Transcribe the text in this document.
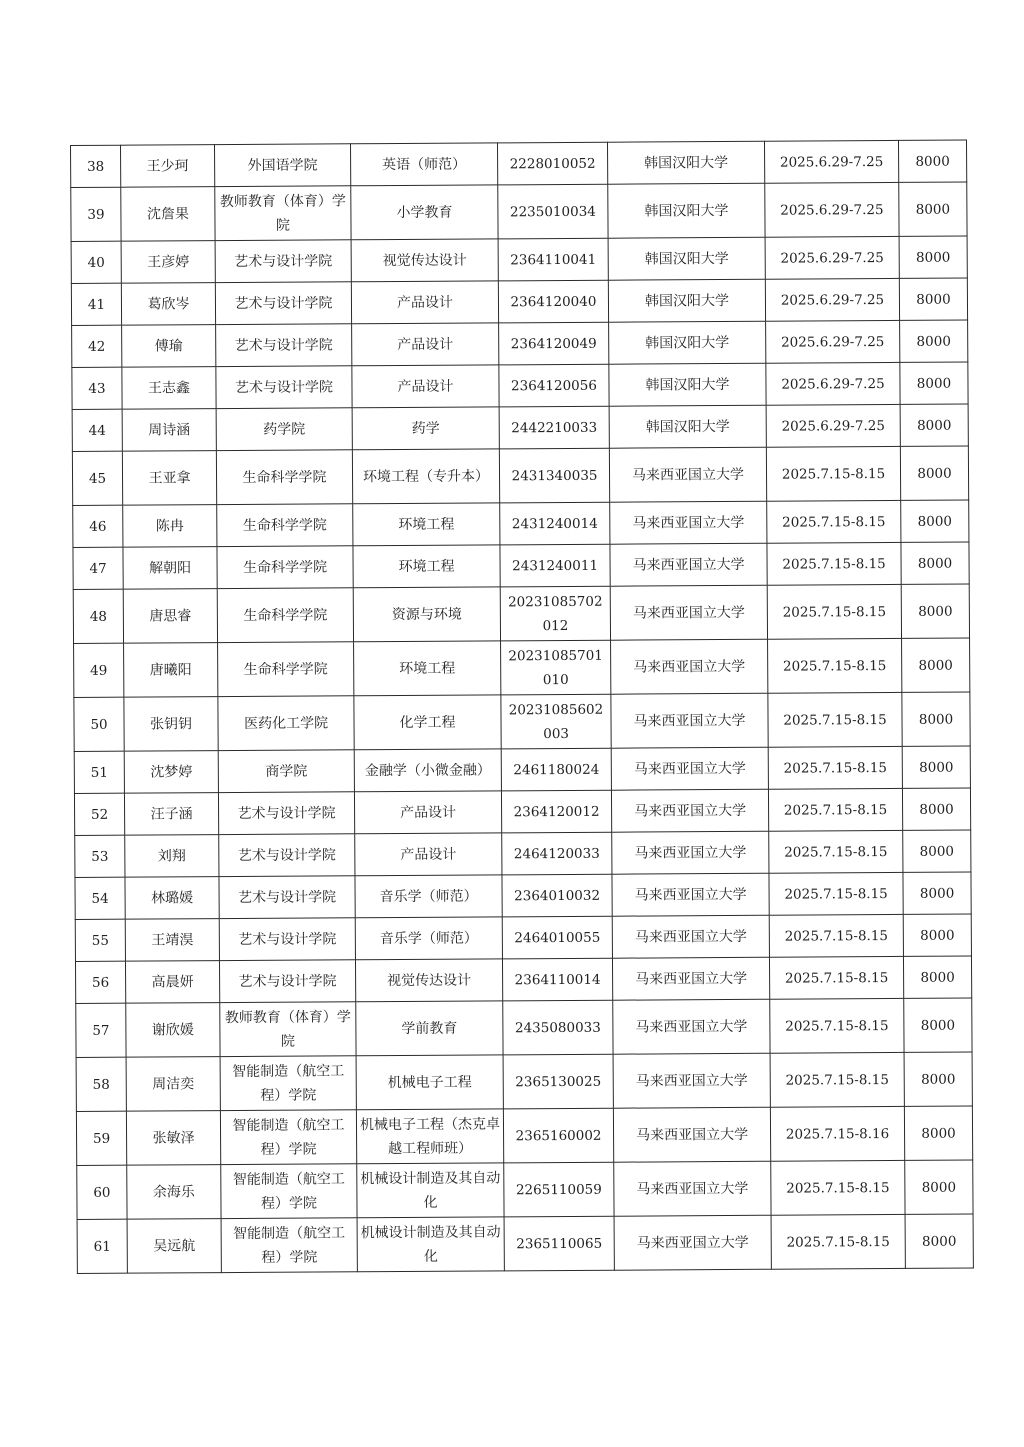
38	王少珂	外国语学院	英语（师范）	2228010052	韩国汉阳大学	2025.6.29-7.25	8000
39	沈詹果	教师教育（体育）学院	小学教育	2235010034	韩国汉阳大学	2025.6.29-7.25	8000
40	王彦婷	艺术与设计学院	视觉传达设计	2364110041	韩国汉阳大学	2025.6.29-7.25	8000
41	葛欣岑	艺术与设计学院	产品设计	2364120040	韩国汉阳大学	2025.6.29-7.25	8000
42	傅瑜	艺术与设计学院	产品设计	2364120049	韩国汉阳大学	2025.6.29-7.25	8000
43	王志鑫	艺术与设计学院	产品设计	2364120056	韩国汉阳大学	2025.6.29-7.25	8000
44	周诗涵	药学院	药学	2442210033	韩国汉阳大学	2025.6.29-7.25	8000
45	王亚拿	生命科学学院	环境工程（专升本）	2431340035	马来西亚国立大学	2025.7.15-8.15	8000
46	陈冉	生命科学学院	环境工程	2431240014	马来西亚国立大学	2025.7.15-8.15	8000
47	解朝阳	生命科学学院	环境工程	2431240011	马来西亚国立大学	2025.7.15-8.15	8000
48	唐思睿	生命科学学院	资源与环境	20231085702012	马来西亚国立大学	2025.7.15-8.15	8000
49	唐曦阳	生命科学学院	环境工程	20231085701010	马来西亚国立大学	2025.7.15-8.15	8000
50	张钥钥	医药化工学院	化学工程	20231085602003	马来西亚国立大学	2025.7.15-8.15	8000
51	沈梦婷	商学院	金融学（小微金融）	2461180024	马来西亚国立大学	2025.7.15-8.15	8000
52	汪子涵	艺术与设计学院	产品设计	2364120012	马来西亚国立大学	2025.7.15-8.15	8000
53	刘翔	艺术与设计学院	产品设计	2464120033	马来西亚国立大学	2025.7.15-8.15	8000
54	林璐媛	艺术与设计学院	音乐学（师范）	2364010032	马来西亚国立大学	2025.7.15-8.15	8000
55	王靖淏	艺术与设计学院	音乐学（师范）	2464010055	马来西亚国立大学	2025.7.15-8.15	8000
56	高晨妍	艺术与设计学院	视觉传达设计	2364110014	马来西亚国立大学	2025.7.15-8.15	8000
57	谢欣媛	教师教育（体育）学院	学前教育	2435080033	马来西亚国立大学	2025.7.15-8.15	8000
58	周洁奕	智能制造（航空工程）学院	机械电子工程	2365130025	马来西亚国立大学	2025.7.15-8.15	8000
59	张敏泽	智能制造（航空工程）学院	机械电子工程（杰克卓越工程师班）	2365160002	马来西亚国立大学	2025.7.15-8.16	8000
60	余海乐	智能制造（航空工程）学院	机械设计制造及其自动化	2265110059	马来西亚国立大学	2025.7.15-8.15	8000
61	吴远航	智能制造（航空工程）学院	机械设计制造及其自动化	2365110065	马来西亚国立大学	2025.7.15-8.15	8000
